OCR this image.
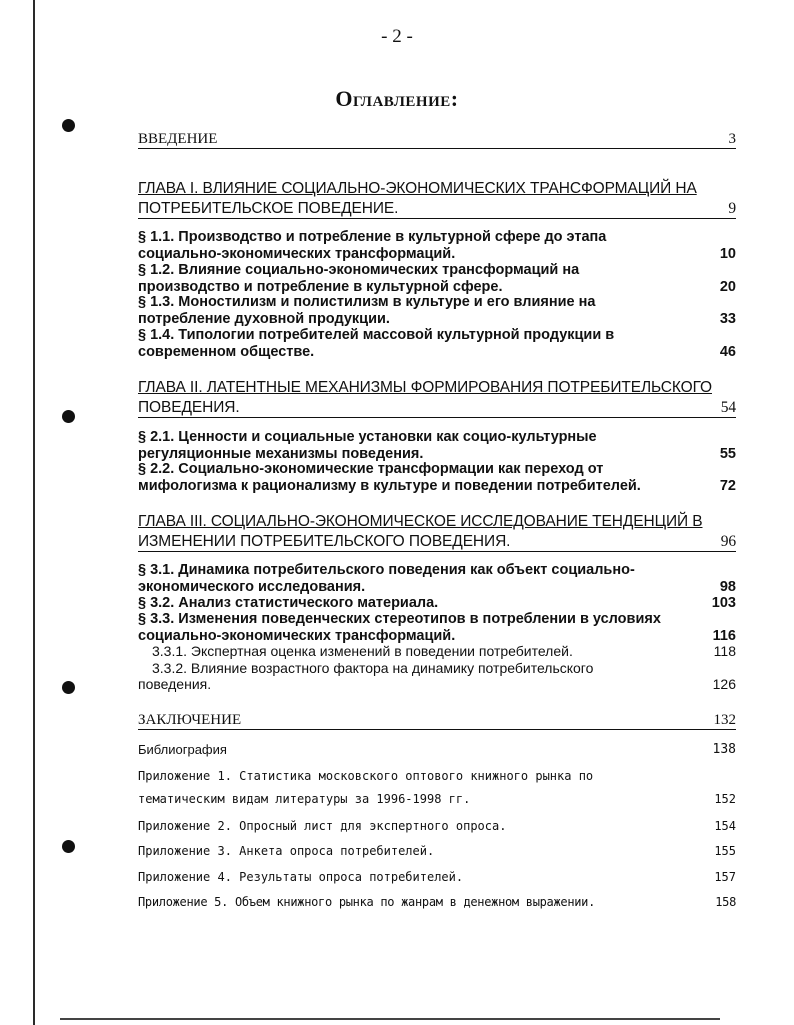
- 2 -
Оглавление:
ВВЕДЕНИЕ	3
ГЛАВА I. ВЛИЯНИЕ СОЦИАЛЬНО-ЭКОНОМИЧЕСКИХ ТРАНСФОРМАЦИЙ НА
ПОТРЕБИТЕЛЬСКОЕ ПОВЕДЕНИЕ.	9
§ 1.1. Производство и потребление в культурной сфере до этапа
социально-экономических трансформаций.	10
§ 1.2. Влияние социально-экономических трансформаций на
производство и потребление в культурной сфере.	20
§ 1.3. Моностилизм и полистилизм в культуре и его влияние на
потребление духовной продукции.	33
§ 1.4. Типологии потребителей массовой культурной продукции в
современном обществе.	46
ГЛАВА II. ЛАТЕНТНЫЕ МЕХАНИЗМЫ ФОРМИРОВАНИЯ ПОТРЕБИТЕЛЬСКОГО
ПОВЕДЕНИЯ.	54
§ 2.1. Ценности и социальные установки как социо-культурные
регуляционные механизмы поведения.	55
§ 2.2. Социально-экономические трансформации как переход от
мифологизма к рационализму в культуре и поведении потребителей.	72
ГЛАВА III. СОЦИАЛЬНО-ЭКОНОМИЧЕСКОЕ ИССЛЕДОВАНИЕ ТЕНДЕНЦИЙ В
ИЗМЕНЕНИИ ПОТРЕБИТЕЛЬСКОГО ПОВЕДЕНИЯ.	96
§ 3.1. Динамика потребительского поведения как объект социально-
экономического исследования.	98
§ 3.2. Анализ статистического материала.	103
§ 3.3. Изменения поведенческих стереотипов в потреблении в условиях
социально-экономических трансформаций.	116
3.3.1. Экспертная оценка изменений в поведении потребителей.	118
3.3.2. Влияние возрастного фактора на динамику потребительского
поведения.	126
ЗАКЛЮЧЕНИЕ	132
Библиография	138
Приложение 1. Статистика московского оптового книжного рынка по
тематическим видам литературы за 1996-1998 гг.	152
Приложение 2. Опросный лист для экспертного опроса.	154
Приложение 3. Анкета опроса потребителей.	155
Приложение 4. Результаты опроса потребителей.	157
Приложение 5. Объем книжного рынка по жанрам в денежном выражении.	158
